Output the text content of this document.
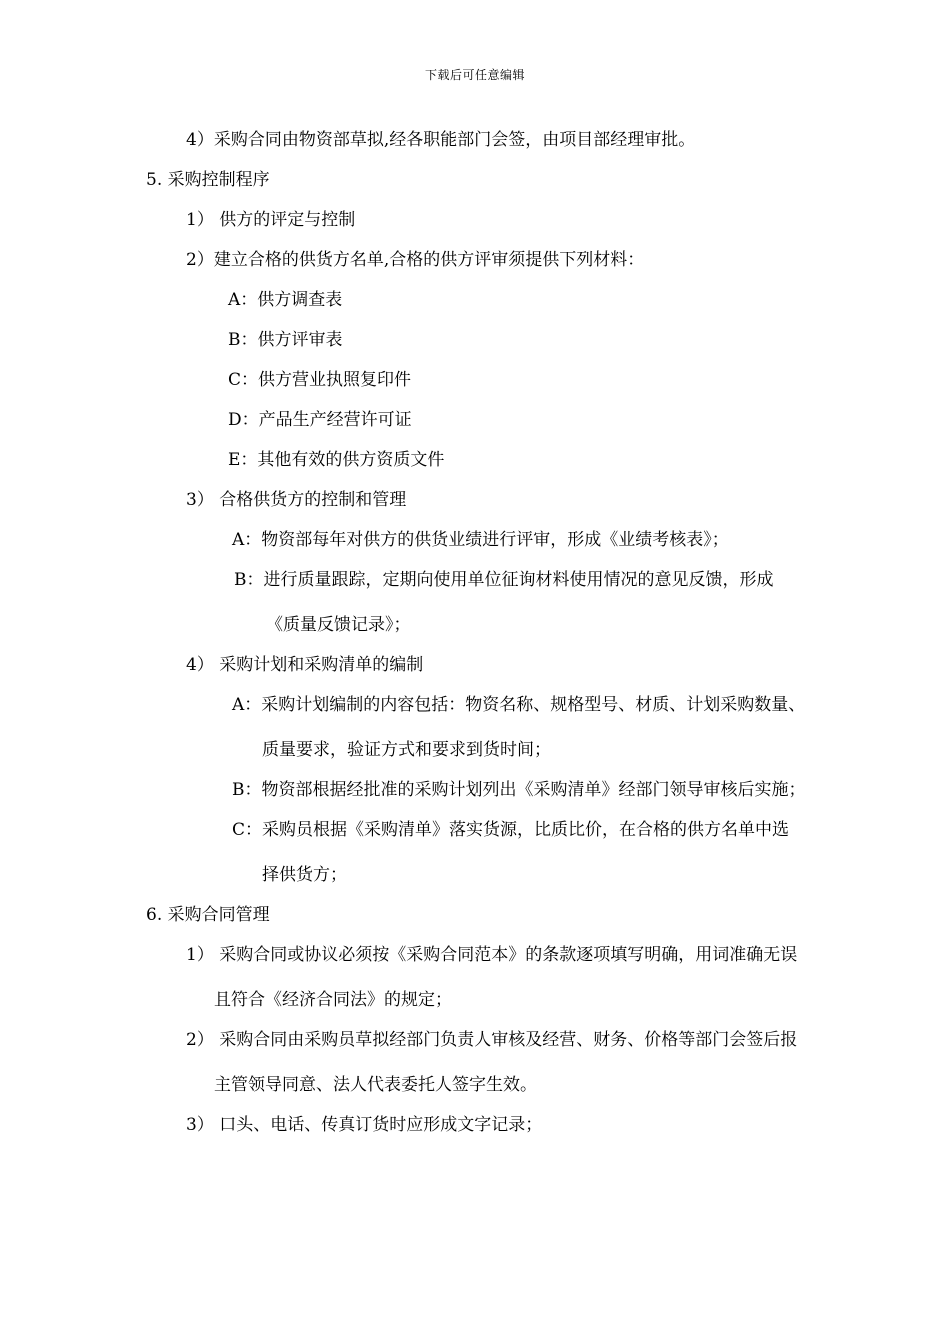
下载后可任意编辑
4）采购合同由物资部草拟,经各职能部门会签，由项目部经理审批。
5. 采购控制程序
1） 供方的评定与控制
2）建立合格的供货方名单,合格的供方评审须提供下列材料：
A：供方调查表
B：供方评审表
C：供方营业执照复印件
D：产品生产经营许可证
E：其他有效的供方资质文件
3） 合格供货方的控制和管理
A：物资部每年对供方的供货业绩进行评审，形成《业绩考核表》；
B：进行质量跟踪，定期向使用单位征询材料使用情况的意见反馈，形成
《质量反馈记录》；
4） 采购计划和采购清单的编制
A：采购计划编制的内容包括：物资名称、规格型号、材质、计划采购数量、
质量要求，验证方式和要求到货时间；
B：物资部根据经批准的采购计划列出《采购清单》经部门领导审核后实施；
C：采购员根据《采购清单》落实货源，比质比价，在合格的供方名单中选
择供货方；
6. 采购合同管理
1） 采购合同或协议必须按《采购合同范本》的条款逐项填写明确，用词准确无误
且符合《经济合同法》的规定；
2） 采购合同由采购员草拟经部门负责人审核及经营、财务、价格等部门会签后报
主管领导同意、法人代表委托人签字生效。
3） 口头、电话、传真订货时应形成文字记录；
